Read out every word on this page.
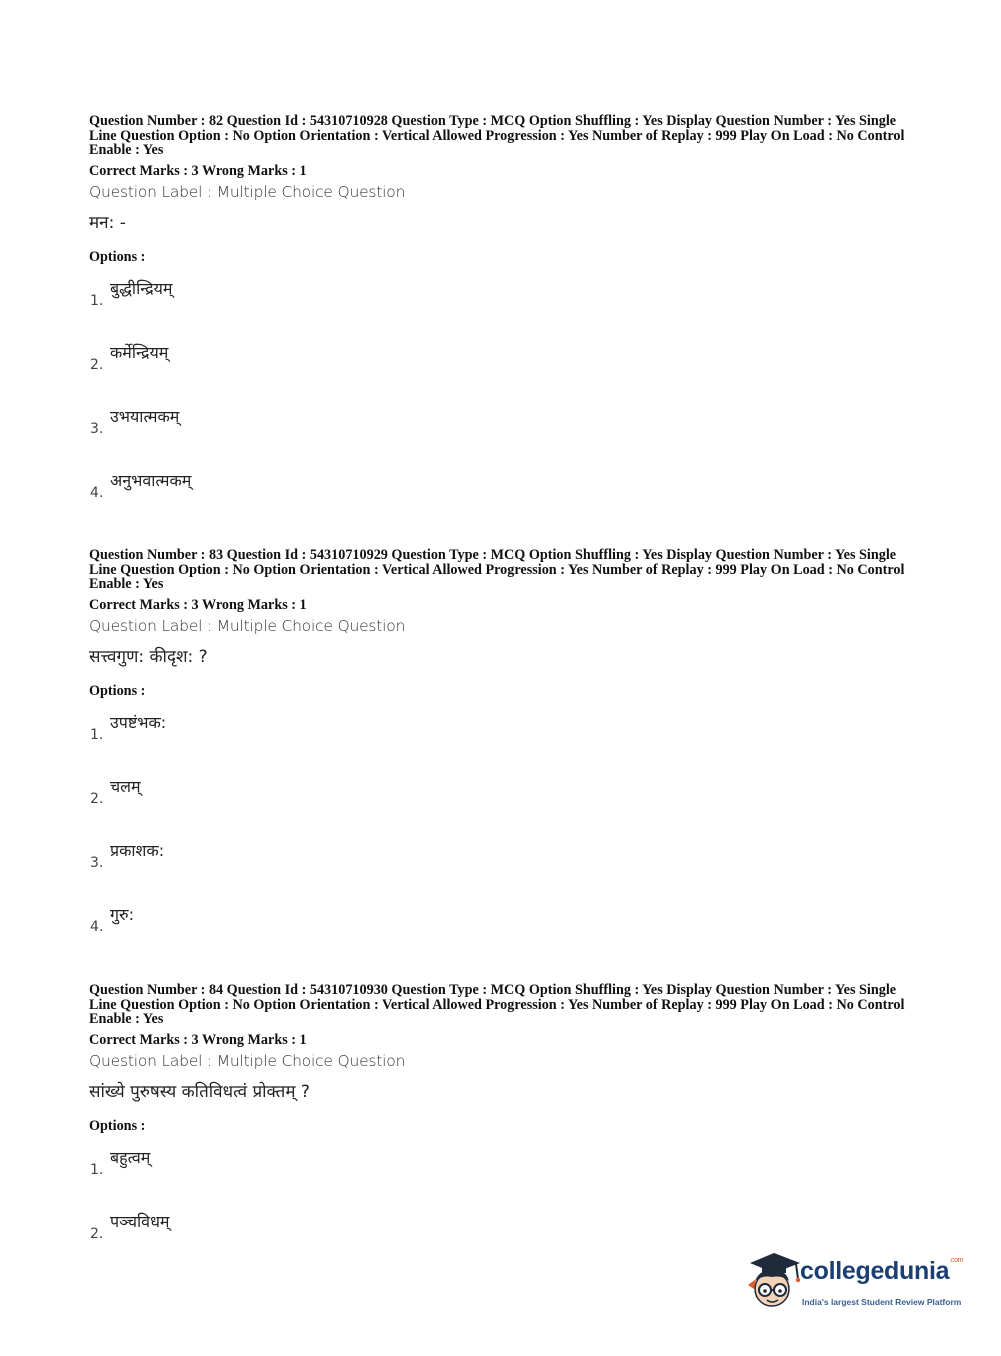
Question Number : 82 Question Id : 54310710928 Question Type : MCQ Option Shuffling : Yes Display Question Number : Yes Single Line Question Option : No Option Orientation : Vertical Allowed Progression : Yes Number of Replay : 999 Play On Load : No Control Enable : Yes

Correct Marks : 3 Wrong Marks : 1
Question Label : Multiple Choice Question
मन: -
Options :
1.
बुद्धीन्द्रियम्
2.
कर्मेन्द्रियम्
3.
उभयात्मकम्
4.
अनुभवात्मकम्

Question Number : 83 Question Id : 54310710929 Question Type : MCQ Option Shuffling : Yes Display Question Number : Yes Single Line Question Option : No Option Orientation : Vertical Allowed Progression : Yes Number of Replay : 999 Play On Load : No Control Enable : Yes

Correct Marks : 3 Wrong Marks : 1
Question Label : Multiple Choice Question
सत्त्वगुण: कीदृश: ?
Options :
1.
उपष्टंभक:
2.
चलम्
3.
प्रकाशक:
4.
गुरु:

Question Number : 84 Question Id : 54310710930 Question Type : MCQ Option Shuffling : Yes Display Question Number : Yes Single Line Question Option : No Option Orientation : Vertical Allowed Progression : Yes Number of Replay : 999 Play On Load : No Control Enable : Yes

Correct Marks : 3 Wrong Marks : 1
Question Label : Multiple Choice Question
सांख्ये पुरुषस्य कतिविधत्वं प्रोक्तम् ?
Options :
1.
बहुत्वम्
2.
पञ्चविधम्
collegedunia$^{.com}$
India's largest Student Review Platform
